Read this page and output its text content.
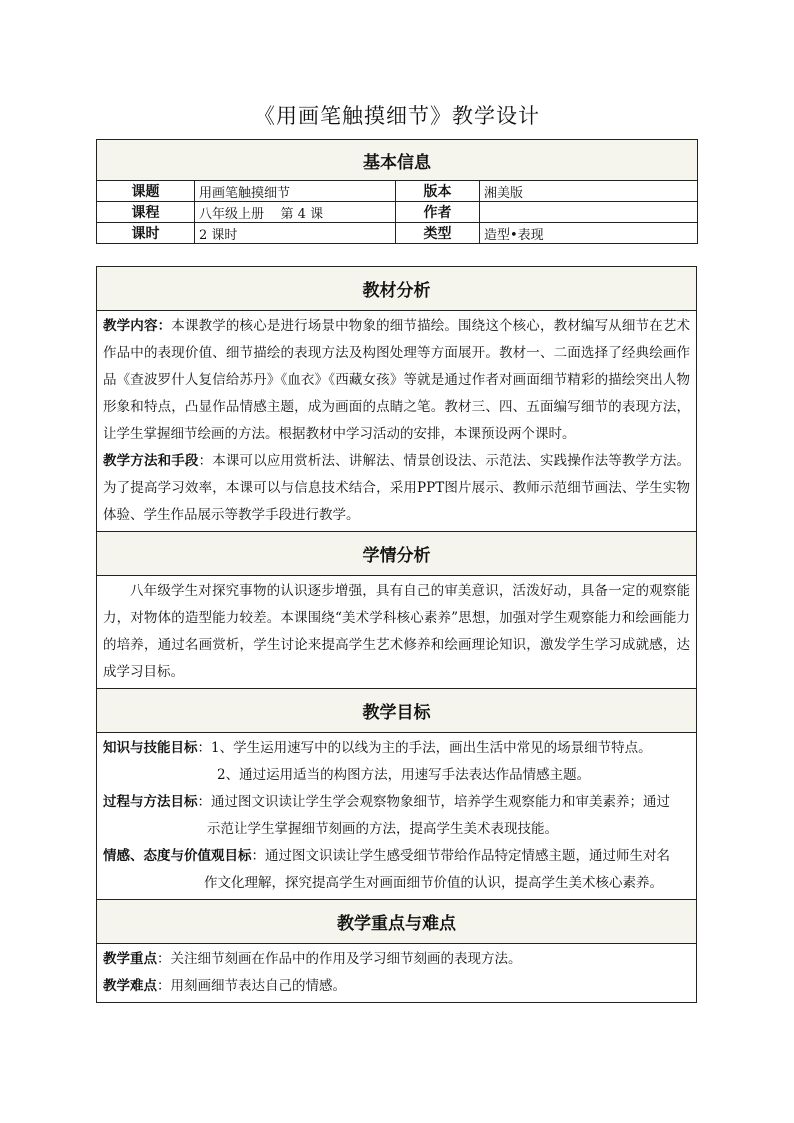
《用画笔触摸细节》教学设计
基本信息			
课题	用画笔触摸细节	版本	湘美版
课程	八年级上册    第 4 课	作者	
课时	2 课时	类型	造型•表现
教材分析

教学内容：本课教学的核心是进行场景中物象的细节描绘。围绕这个核心，教材编写从细节在艺术作品中的表现价值、细节描绘的表现方法及构图处理等方面展开。教材一、二面选择了经典绘画作品《查波罗什人复信给苏丹》《血衣》《西藏女孩》等就是通过作者对画面细节精彩的描绘突出人物形象和特点，凸显作品情感主题，成为画面的点睛之笔。教材三、四、五面编写细节的表现方法，让学生掌握细节绘画的方法。根据教材中学习活动的安排，本课预设两个课时。
教学方法和手段：本课可以应用赏析法、讲解法、情景创设法、示范法、实践操作法等教学方法。为了提高学习效率，本课可以与信息技术结合，采用PPT图片展示、教师示范细节画法、学生实物体验、学生作品展示等教学手段进行教学。

学情分析
八年级学生对探究事物的认识逐步增强，具有自己的审美意识，活泼好动，具备一定的观察能力，对物体的造型能力较差。本课围绕“美术学科核心素养”思想，加强对学生观察能力和绘画能力的培养，通过名画赏析，学生讨论来提高学生艺术修养和绘画理论知识，激发学生学习成就感，达成学习目标。
教学目标

知识与技能目标：1、学生运用速写中的以线为主的手法，画出生活中常见的场景细节特点。
2、通过运用适当的构图方法，用速写手法表达作品情感主题。
过程与方法目标：通过图文识读让学生学会观察物象细节，培养学生观察能力和审美素养；通过
示范让学生掌握细节刻画的方法，提高学生美术表现技能。
情感、态度与价值观目标：通过图文识读让学生感受细节带给作品特定情感主题，通过师生对名
作文化理解，探究提高学生对画面细节价值的认识，提高学生美术核心素养。

教学重点与难点

教学重点：关注细节刻画在作品中的作用及学习细节刻画的表现方法。
教学难点：用刻画细节表达自己的情感。
